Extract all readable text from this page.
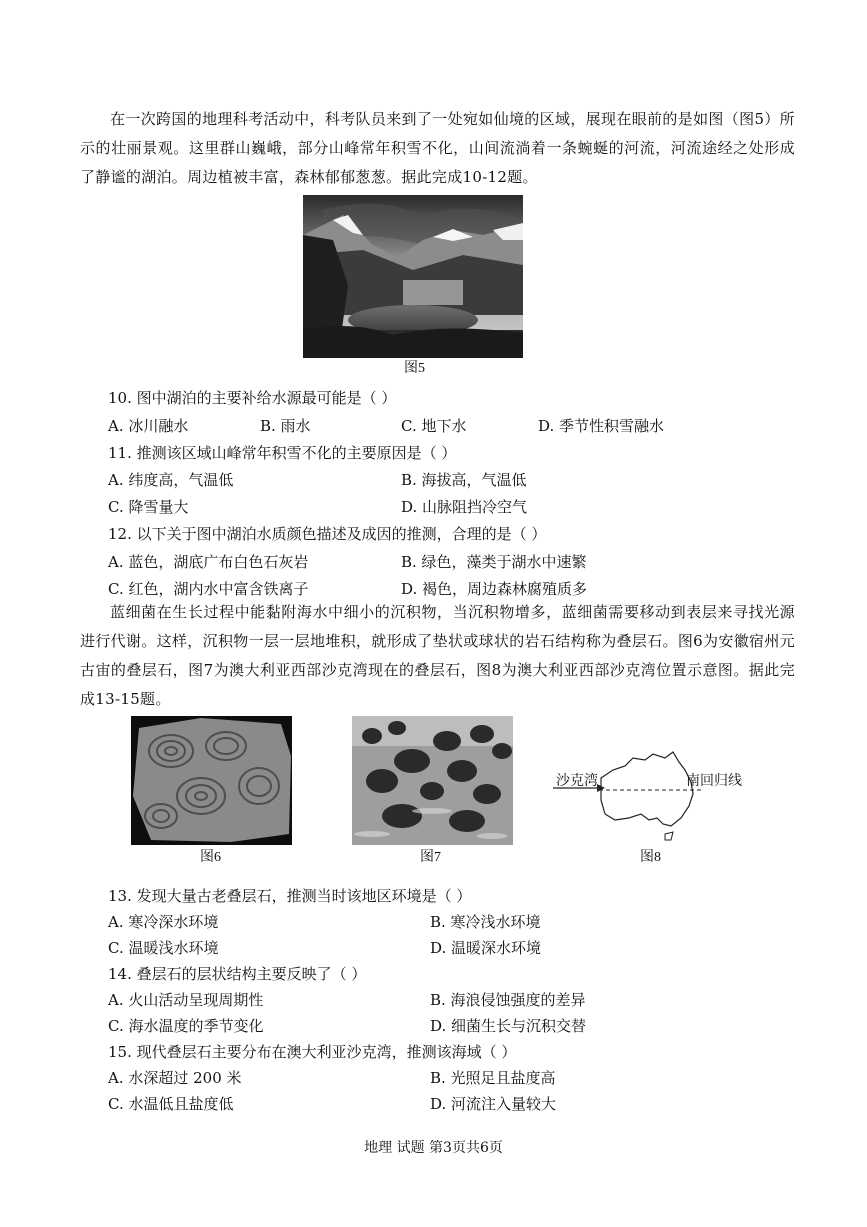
在一次跨国的地理科考活动中，科考队员来到了一处宛如仙境的区域，展现在眼前的是如图（图5）所示的壮丽景观。这里群山巍峨，部分山峰常年积雪不化，山间流淌着一条蜿蜒的河流，河流途经之处形成了静谧的湖泊。周边植被丰富，森林郁郁葱葱。据此完成10-12题。

图5
10. 图中湖泊的主要补给水源最可能是（ ）
A. 冰川融水	B. 雨水	C. 地下水	D. 季节性积雪融水
11. 推测该区域山峰常年积雪不化的主要原因是（ ）
A. 纬度高，气温低	B. 海拔高，气温低
C. 降雪量大	D. 山脉阻挡冷空气
12. 以下关于图中湖泊水质颜色描述及成因的推测，合理的是（ ）
A. 蓝色，湖底广布白色石灰岩	B. 绿色，藻类于湖水中速繁
C. 红色，湖内水中富含铁离子	D. 褐色，周边森林腐殖质多

蓝细菌在生长过程中能黏附海水中细小的沉积物，当沉积物增多，蓝细菌需要移动到表层来寻找光源进行代谢。这样，沉积物一层一层地堆积，就形成了垫状或球状的岩石结构称为叠层石。图6为安徽宿州元古宙的叠层石，图7为澳大利亚西部沙克湾现在的叠层石，图8为澳大利亚西部沙克湾位置示意图。据此完成13-15题。

图6	图7
沙克湾	南回归线
图8
13. 发现大量古老叠层石，推测当时该地区环境是（ ）
A. 寒冷深水环境	B. 寒冷浅水环境
C. 温暖浅水环境	D. 温暖深水环境
14. 叠层石的层状结构主要反映了（ ）
A. 火山活动呈现周期性	B. 海浪侵蚀强度的差异
C. 海水温度的季节变化	D. 细菌生长与沉积交替
15. 现代叠层石主要分布在澳大利亚沙克湾，推测该海域（ ）
A. 水深超过 200 米	B. 光照足且盐度高
C. 水温低且盐度低	D. 河流注入量较大
地理 试题 第3页共6页
